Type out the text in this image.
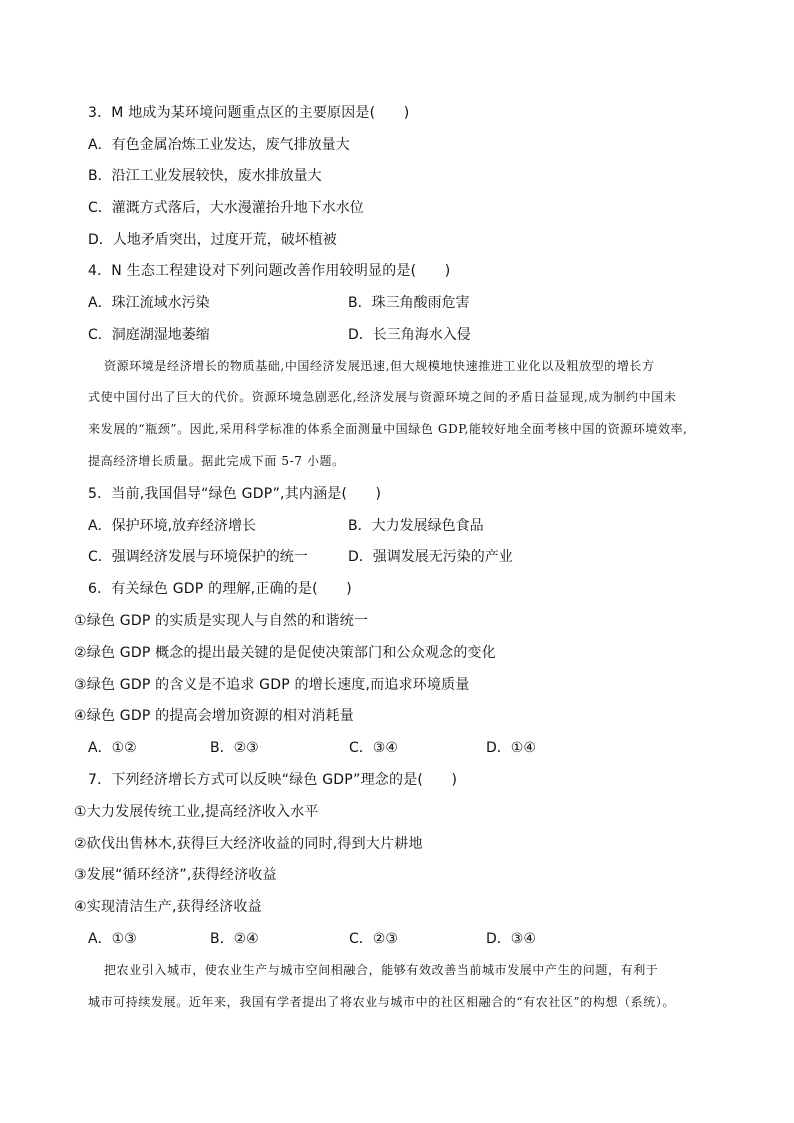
3．M 地成为某环境问题重点区的主要原因是(　　)
A．有色金属冶炼工业发达，废气排放量大
B．沿江工业发展较快，废水排放量大
C．灌溉方式落后，大水漫灌抬升地下水水位
D．人地矛盾突出，过度开荒，破坏植被
4．N 生态工程建设对下列问题改善作用较明显的是(　　)
A．珠江流域水污染	B．珠三角酸雨危害
C．洞庭湖湿地萎缩	D．长三角海水入侵
资源环境是经济增长的物质基础,中国经济发展迅速,但大规模地快速推进工业化以及粗放型的增长方
式使中国付出了巨大的代价。资源环境急剧恶化,经济发展与资源环境之间的矛盾日益显现,成为制约中国未
来发展的“瓶颈”。因此,采用科学标准的体系全面测量中国绿色 GDP,能较好地全面考核中国的资源环境效率,
提高经济增长质量。据此完成下面 5-7 小题。
5．当前,我国倡导“绿色 GDP”,其内涵是(　　)
A．保护环境,放弃经济增长	B．大力发展绿色食品
C．强调经济发展与环境保护的统一	D．强调发展无污染的产业
6．有关绿色 GDP 的理解,正确的是(　　)
①绿色 GDP 的实质是实现人与自然的和谐统一
②绿色 GDP 概念的提出最关键的是促使决策部门和公众观念的变化
③绿色 GDP 的含义是不追求 GDP 的增长速度,而追求环境质量
④绿色 GDP 的提高会增加资源的相对消耗量
A．①②	B．②③	C．③④	D．①④
7．下列经济增长方式可以反映“绿色 GDP”理念的是(　　)
①大力发展传统工业,提高经济收入水平
②砍伐出售林木,获得巨大经济收益的同时,得到大片耕地
③发展“循环经济”,获得经济收益
④实现清洁生产,获得经济收益
A．①③	B．②④	C．②③	D．③④
把农业引入城市，使农业生产与城市空间相融合，能够有效改善当前城市发展中产生的问题，有利于
城市可持续发展。近年来，我国有学者提出了将农业与城市中的社区相融合的“有农社区”的构想（系统）。
